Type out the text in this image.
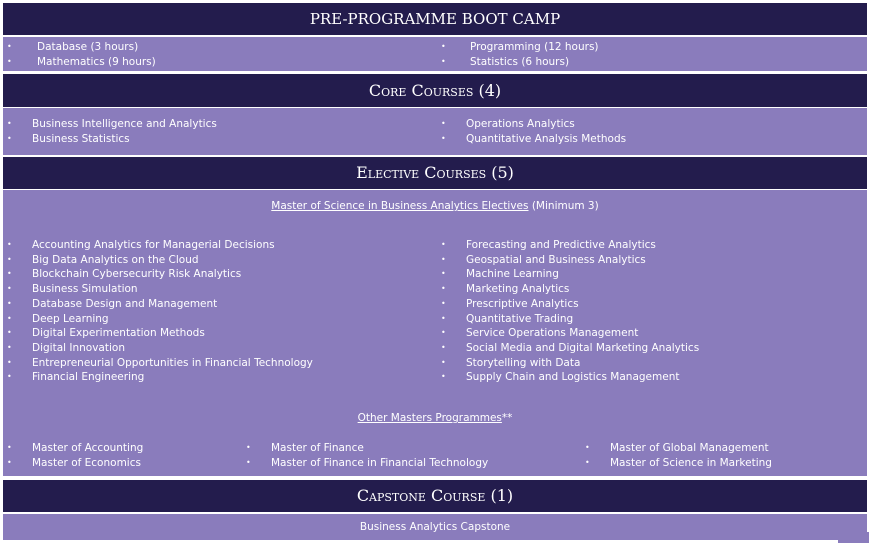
PRE-PROGRAMME BOOT CAMP
• Database (3 hours)
• Mathematics (9 hours)
• Programming (12 hours)
• Statistics (6 hours)
Core Courses (4)
• Business Intelligence and Analytics
• Business Statistics
• Operations Analytics
• Quantitative Analysis Methods
Elective Courses (5)
Master of Science in Business Analytics Electives (Minimum 3)
• Accounting Analytics for Managerial Decisions
• Big Data Analytics on the Cloud
• Blockchain Cybersecurity Risk Analytics
• Business Simulation
• Database Design and Management
• Deep Learning
• Digital Experimentation Methods
• Digital Innovation
• Entrepreneurial Opportunities in Financial Technology
• Financial Engineering
• Forecasting and Predictive Analytics
• Geospatial and Business Analytics
• Machine Learning
• Marketing Analytics
• Prescriptive Analytics
• Quantitative Trading
• Service Operations Management
• Social Media and Digital Marketing Analytics
• Storytelling with Data
• Supply Chain and Logistics Management
Other Masters Programmes**
• Master of Accounting
• Master of Economics
• Master of Finance
• Master of Finance in Financial Technology
• Master of Global Management
• Master of Science in Marketing
Capstone Course (1)
Business Analytics Capstone
